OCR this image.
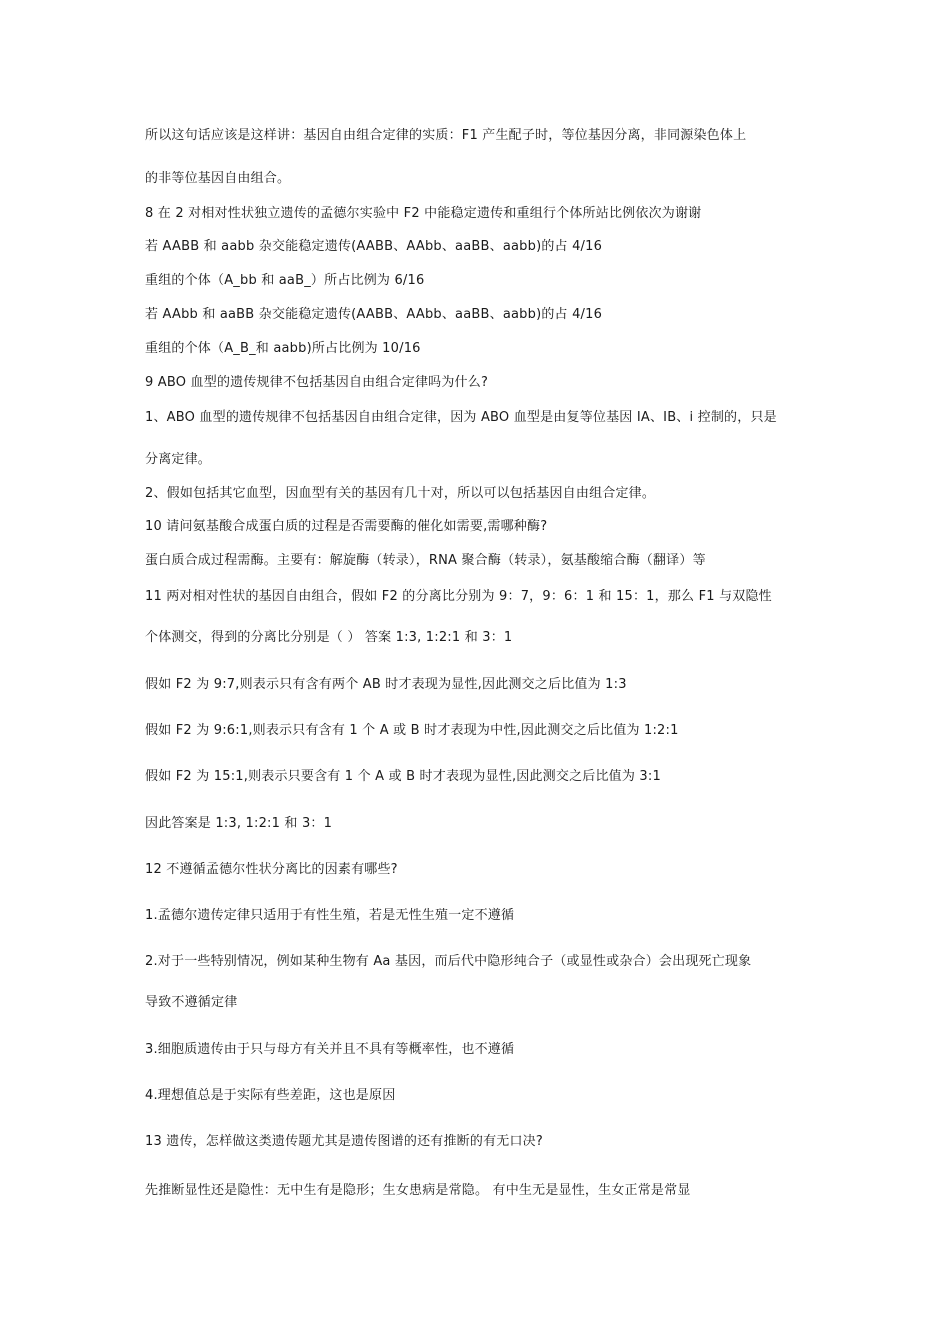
所以这句话应该是这样讲：基因自由组合定律的实质：F1 产生配子时，等位基因分离，非同源染色体上
的非等位基因自由组合。
8 在 2 对相对性状独立遗传的孟德尔实验中 F2 中能稳定遗传和重组行个体所站比例依次为谢谢
若 AABB 和 aabb 杂交能稳定遗传(AABB、AAbb、aaBB、aabb)的占 4/16
重组的个体（A_bb 和 aaB_）所占比例为 6/16
若 AAbb 和 aaBB 杂交能稳定遗传(AABB、AAbb、aaBB、aabb)的占 4/16
重组的个体（A_B_和 aabb)所占比例为 10/16
9 ABO 血型的遗传规律不包括基因自由组合定律吗为什么?
1、ABO 血型的遗传规律不包括基因自由组合定律，因为 ABO 血型是由复等位基因 IA、IB、i 控制的，只是
分离定律。
2、假如包括其它血型，因血型有关的基因有几十对，所以可以包括基因自由组合定律。
10 请问氨基酸合成蛋白质的过程是否需要酶的催化如需要,需哪种酶?
蛋白质合成过程需酶。主要有：解旋酶（转录），RNA 聚合酶（转录），氨基酸缩合酶（翻译）等
11 两对相对性状的基因自由组合，假如 F2 的分离比分别为 9：7，9：6：1 和 15：1，那么 F1 与双隐性
个体测交，得到的分离比分别是（ ） 答案 1:3, 1:2:1 和 3：1
假如 F2 为 9:7,则表示只有含有两个 AB 时才表现为显性,因此测交之后比值为 1:3
假如 F2 为 9:6:1,则表示只有含有 1 个 A 或 B 时才表现为中性,因此测交之后比值为 1:2:1
假如 F2 为 15:1,则表示只要含有 1 个 A 或 B 时才表现为显性,因此测交之后比值为 3:1
因此答案是 1:3, 1:2:1 和 3：1
12 不遵循孟德尔性状分离比的因素有哪些?
1.孟德尔遗传定律只适用于有性生殖，若是无性生殖一定不遵循
2.对于一些特别情况，例如某种生物有 Aa 基因，而后代中隐形纯合子（或显性或杂合）会出现死亡现象
导致不遵循定律
3.细胞质遗传由于只与母方有关并且不具有等概率性，也不遵循
4.理想值总是于实际有些差距，这也是原因
13 遗传，怎样做这类遗传题尤其是遗传图谱的还有推断的有无口决?
先推断显性还是隐性：无中生有是隐形；生女患病是常隐。 有中生无是显性，生女正常是常显
